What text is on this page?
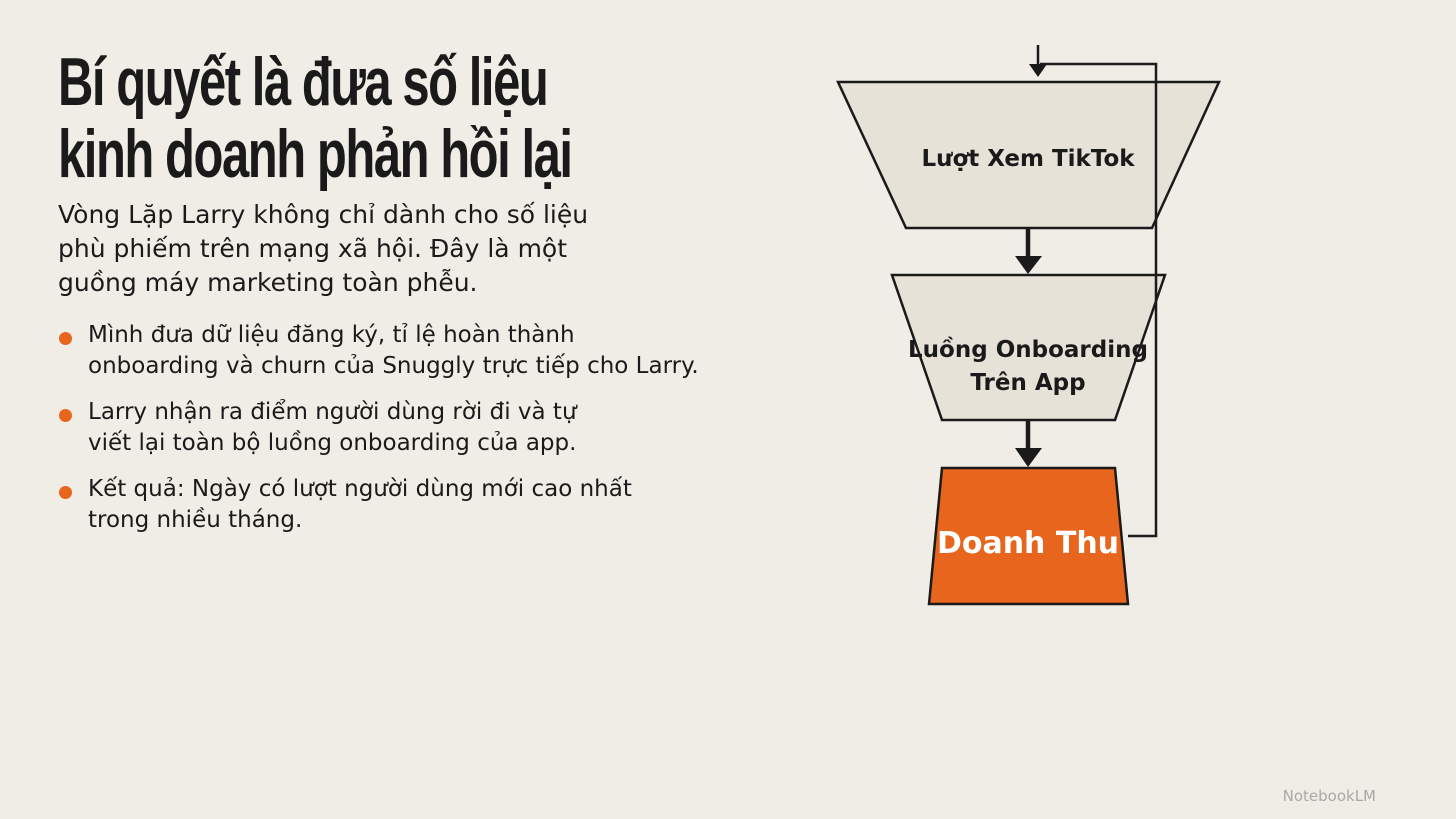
Bí quyết là đưa số liệu
kinh doanh phản hồi lại

Vòng Lặp Larry không chỉ dành cho số liệu
phù phiếm trên mạng xã hội. Đây là một
guồng máy marketing toàn phễu.

Mình đưa dữ liệu đăng ký, tỉ lệ hoàn thành
onboarding và churn của Snuggly trực tiếp cho Larry.
Larry nhận ra điểm người dùng rời đi và tự
viết lại toàn bộ luồng onboarding của app.
Kết quả: Ngày có lượt người dùng mới cao nhất
trong nhiều tháng.
Lượt Xem TikTok
Luồng Onboarding
Trên App
Doanh Thu
NotebookLM
